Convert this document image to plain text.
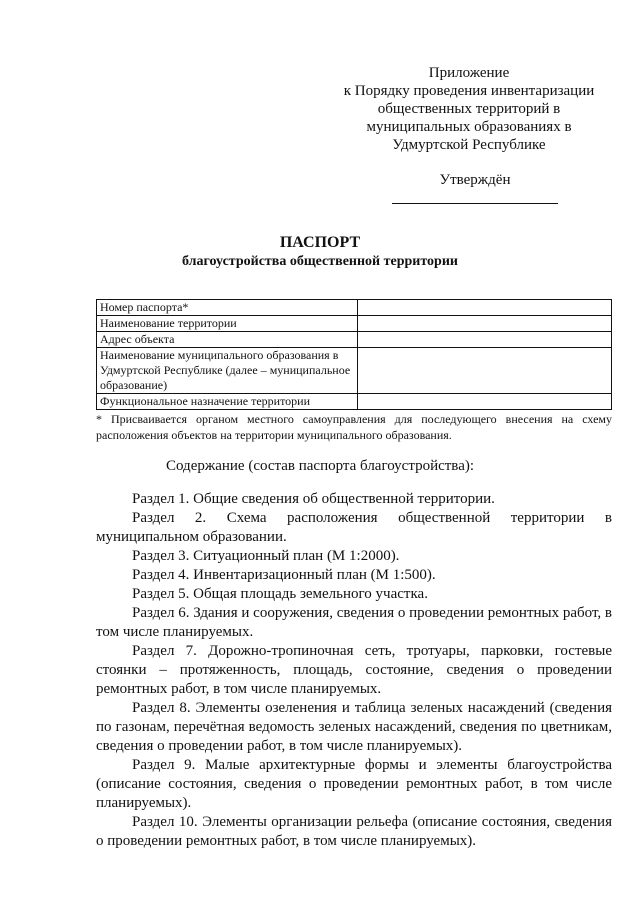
Приложение
к Порядку проведения инвентаризации
общественных территорий в
муниципальных образованиях в
Удмуртской Республике
Утверждён
ПАСПОРТ
благоустройства общественной территории
Номер паспорта*	
Наименование территории	
Адрес объекта	
Наименование муниципального образования в Удмуртской Республике (далее – муниципальное образование)	
Функциональное назначение территории	
* Присваивается органом местного самоуправления для последующего внесения на схему расположения объектов на территории муниципального образования.
Содержание (состав паспорта благоустройства):

Раздел 1. Общие сведения об общественной территории.

Раздел 2. Схема расположения общественной территории в муниципальном образовании.

Раздел 3. Ситуационный план (М 1:2000).

Раздел 4. Инвентаризационный план (М 1:500).

Раздел 5. Общая площадь земельного участка.

Раздел 6. Здания и сооружения, сведения о проведении ремонтных работ, в том числе планируемых.

Раздел 7. Дорожно-тропиночная сеть, тротуары, парковки, гостевые стоянки – протяженность, площадь, состояние, сведения о проведении ремонтных работ, в том числе планируемых.

Раздел 8. Элементы озеленения и таблица зеленых насаждений (сведения по газонам, перечётная ведомость зеленых насаждений, сведения по цветникам, сведения о проведении работ, в том числе планируемых).

Раздел 9. Малые архитектурные формы и элементы благоустройства (описание состояния, сведения о проведении ремонтных работ, в том числе планируемых).

Раздел 10. Элементы организации рельефа (описание состояния, сведения о проведении ремонтных работ, в том числе планируемых).
